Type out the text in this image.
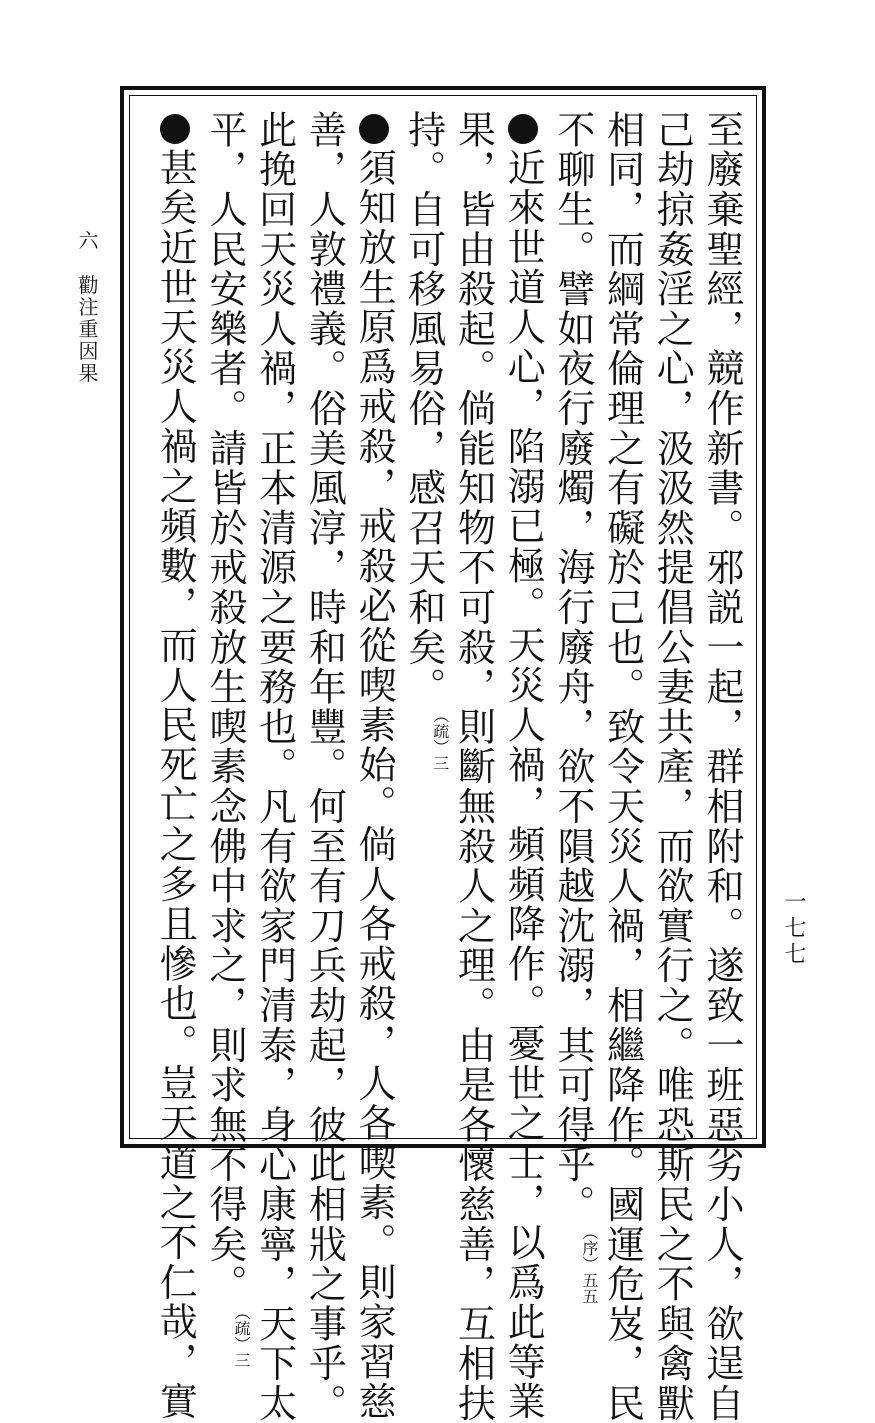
六 勸注重因果
一七七
至廢棄聖經，競作新書。邪説一起，群相附和。遂致一班惡劣小人，欲逞自
己劫掠姦淫之心，汲汲然提倡公妻共產，而欲實行之。唯恐斯民之不與禽獸
相同，而綱常倫理之有礙於己也。致令天災人禍，相繼降作。國運危岌，民
不聊生。譬如夜行廢燭，海行廢舟，欲不隕越沈溺，其可得乎。（序）五五
近來世道人心，陷溺已極。天災人禍，頻頻降作。憂世之士，以爲此等業
果，皆由殺起。倘能知物不可殺，則斷無殺人之理。由是各懷慈善，互相扶
持。自可移風易俗，感召天和矣。（疏）三
須知放生原爲戒殺，戒殺必從喫素始。倘人各戒殺，人各喫素。則家習慈
善，人敦禮義。俗美風淳，時和年豐。何至有刀兵劫起，彼此相戕之事乎。
此挽回天災人禍，正本清源之要務也。凡有欲家門清泰，身心康寧，天下太
平，人民安樂者。請皆於戒殺放生喫素念佛中求之，則求無不得矣。（疏）三
甚矣近世天災人禍之頻數，而人民死亡之多且慘也。豈天道之不仁哉，實
